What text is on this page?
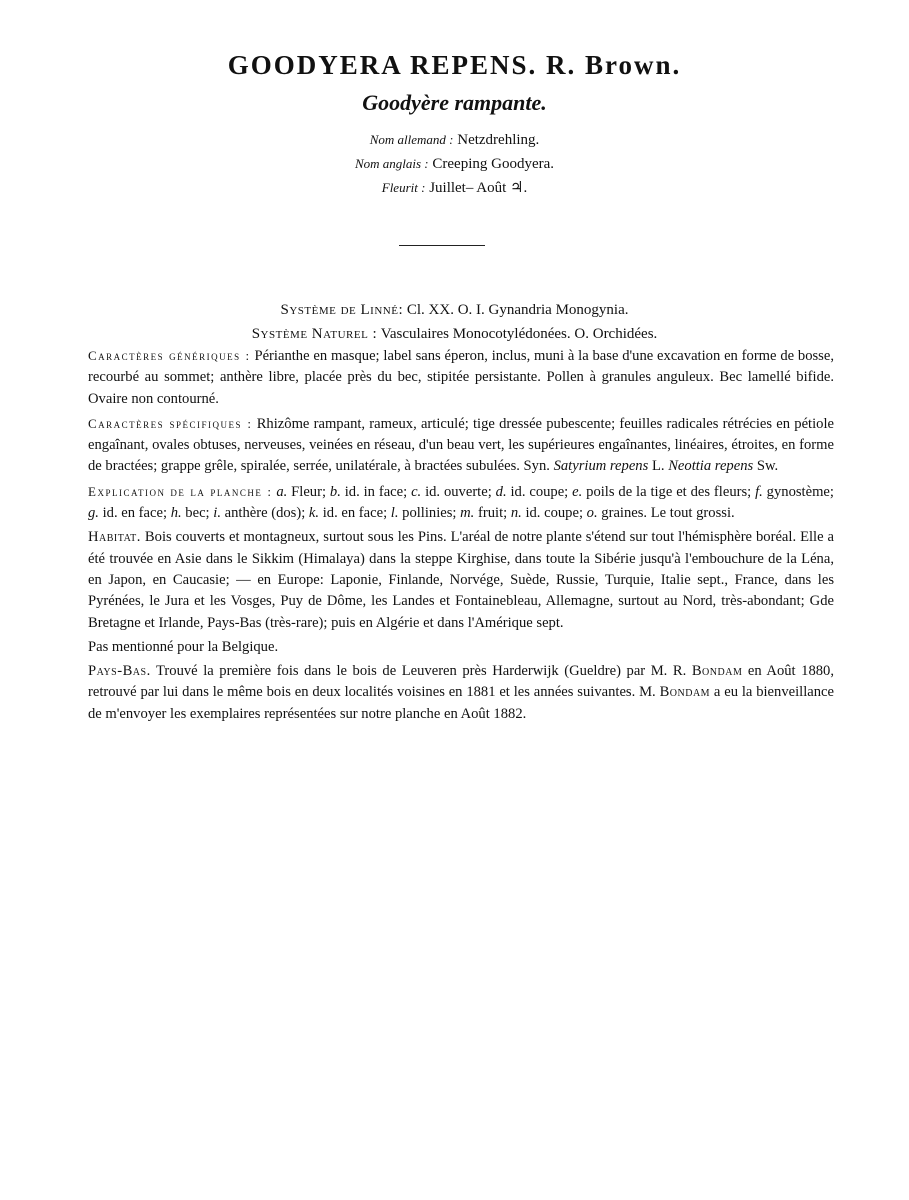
GOODYERA REPENS. R. Brown.
Goodyère rampante.
Nom allemand : Netzdrehling.
Nom anglais : Creeping Goodyera.
Fleurit : Juillet– Août ♃.
Système de Linné: Cl. XX. O. I. Gynandria Monogynia.
Système Naturel : Vasculaires Monocotylédonées. O. Orchidées.

Caractères génériques : Périanthe en masque; label sans éperon, inclus, muni à la base d'une excavation en forme de bosse, recourbé au sommet; anthère libre, placée près du bec, stipitée persistante. Pollen à granules anguleux. Bec lamellé bifide. Ovaire non contourné.

Caractères spécifiques : Rhizôme rampant, rameux, articulé; tige dressée pubescente; feuilles radicales rétrécies en pétiole engaînant, ovales obtuses, nerveuses, veinées en réseau, d'un beau vert, les supérieures engaînantes, linéaires, étroites, en forme de bractées; grappe grêle, spiralée, serrée, unilatérale, à bractées subulées. Syn. Satyrium repens L. Neottia repens Sw.

Explication de la planche : a. Fleur; b. id. in face; c. id. ouverte; d. id. coupe; e. poils de la tige et des fleurs; f. gynostème; g. id. en face; h. bec; i. anthère (dos); k. id. en face; l. pollinies; m. fruit; n. id. coupe; o. graines. Le tout grossi.

Habitat. Bois couverts et montagneux, surtout sous les Pins. L'aréal de notre plante s'étend sur tout l'hémisphère boréal. Elle a été trouvée en Asie dans le Sikkim (Himalaya) dans la steppe Kirghise, dans toute la Sibérie jusqu'à l'embouchure de la Léna, en Japon, en Caucasie; — en Europe: Laponie, Finlande, Norvége, Suède, Russie, Turquie, Italie sept., France, dans les Pyrénées, le Jura et les Vosges, Puy de Dôme, les Landes et Fontainebleau, Allemagne, surtout au Nord, très-abondant; Gde Bretagne et Irlande, Pays-Bas (très-rare); puis en Algérie et dans l'Amérique sept.

Pas mentionné pour la Belgique.

Pays-Bas. Trouvé la première fois dans le bois de Leuveren près Harderwijk (Gueldre) par M. R. Bondam en Août 1880, retrouvé par lui dans le même bois en deux localités voisines en 1881 et les années suivantes. M. Bondam a eu la bienveillance de m'envoyer les exemplaires représentées sur notre planche en Août 1882.
